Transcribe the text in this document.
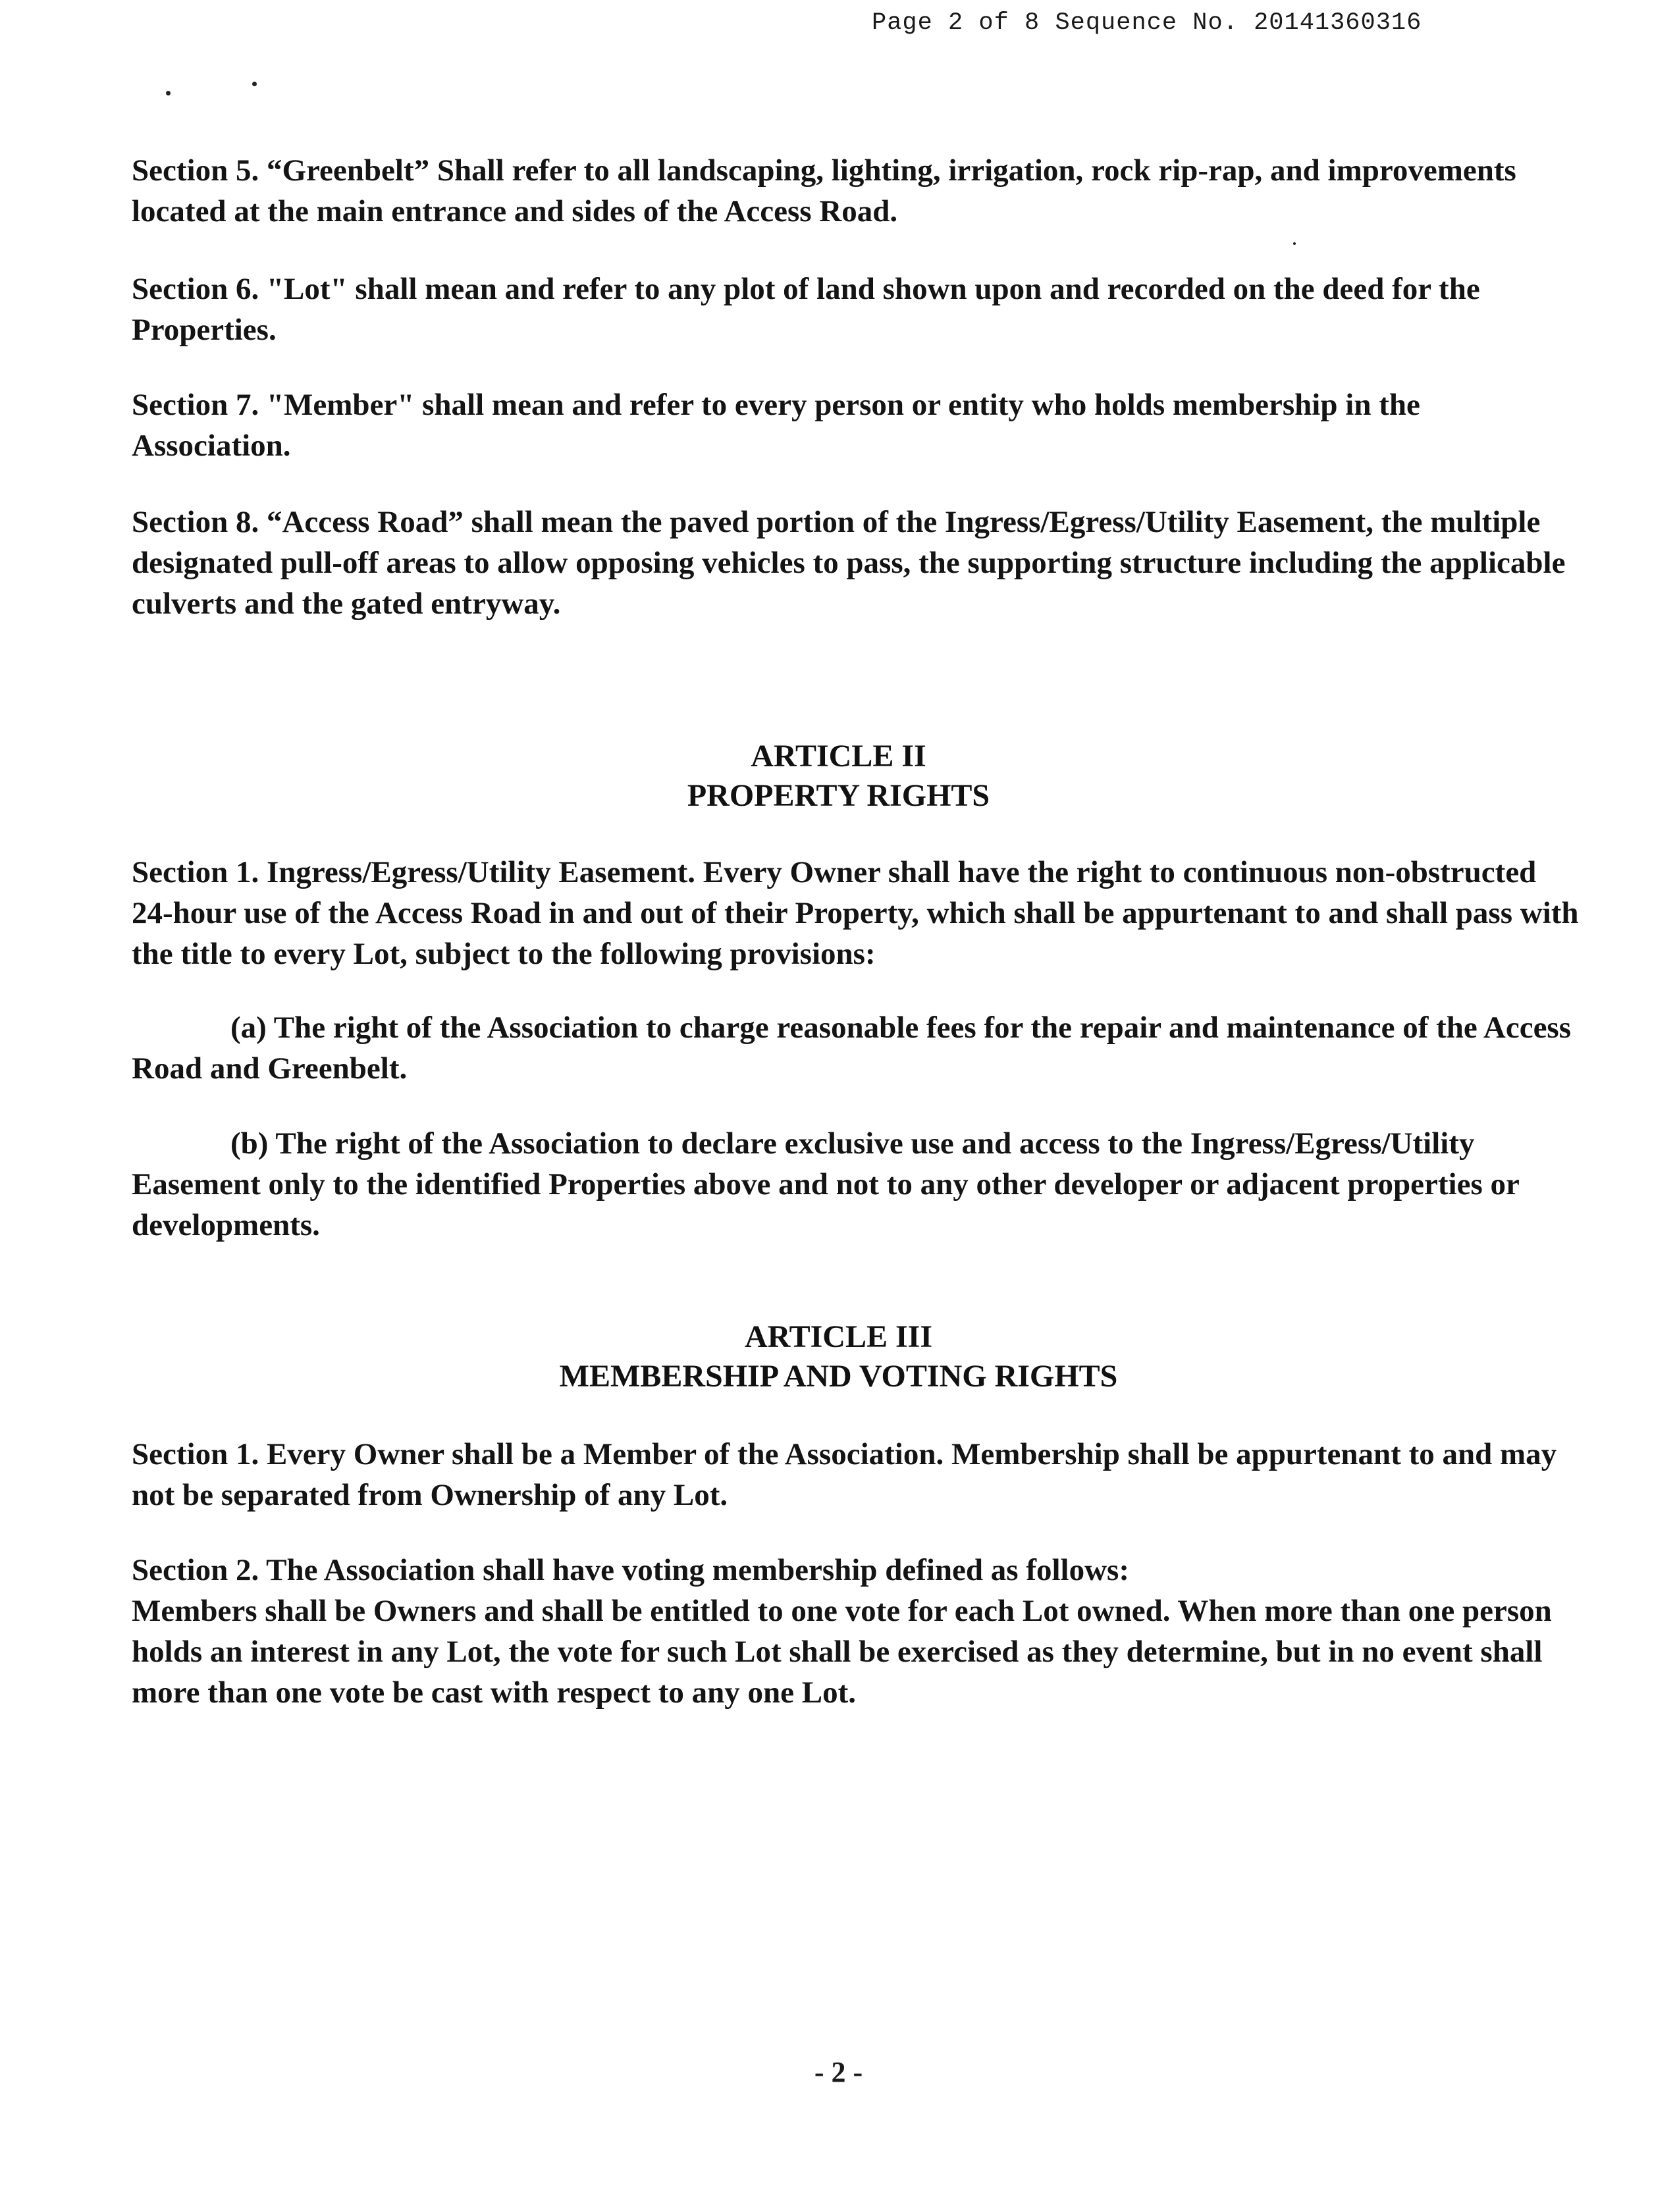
Page 2 of 8 Sequence No. 20141360316

Section 5. “Greenbelt” Shall refer to all landscaping, lighting, irrigation, rock rip-rap, and improvements located at the main entrance and sides of the Access Road.

Section 6. "Lot" shall mean and refer to any plot of land shown upon and recorded on the deed for the Properties.

Section 7. "Member" shall mean and refer to every person or entity who holds membership in the Association.

Section 8. “Access Road” shall mean the paved portion of the Ingress/Egress/Utility Easement, the multiple designated pull-off areas to allow opposing vehicles to pass, the supporting structure including the applicable culverts and the gated entryway.

ARTICLE II
PROPERTY RIGHTS

Section 1. Ingress/Egress/Utility Easement. Every Owner shall have the right to continuous non-obstructed 24-hour use of the Access Road in and out of their Property, which shall be appurtenant to and shall pass with the title to every Lot, subject to the following provisions:

(a) The right of the Association to charge reasonable fees for the repair and maintenance of the Access Road and Greenbelt.

(b) The right of the Association to declare exclusive use and access to the Ingress/Egress/Utility Easement only to the identified Properties above and not to any other developer or adjacent properties or developments.

ARTICLE III
MEMBERSHIP AND VOTING RIGHTS

Section 1. Every Owner shall be a Member of the Association. Membership shall be appurtenant to and may not be separated from Ownership of any Lot.

Section 2. The Association shall have voting membership defined as follows:

Members shall be Owners and shall be entitled to one vote for each Lot owned. When more than one person holds an interest in any Lot, the vote for such Lot shall be exercised as they determine, but in no event shall more than one vote be cast with respect to any one Lot.

- 2 -
